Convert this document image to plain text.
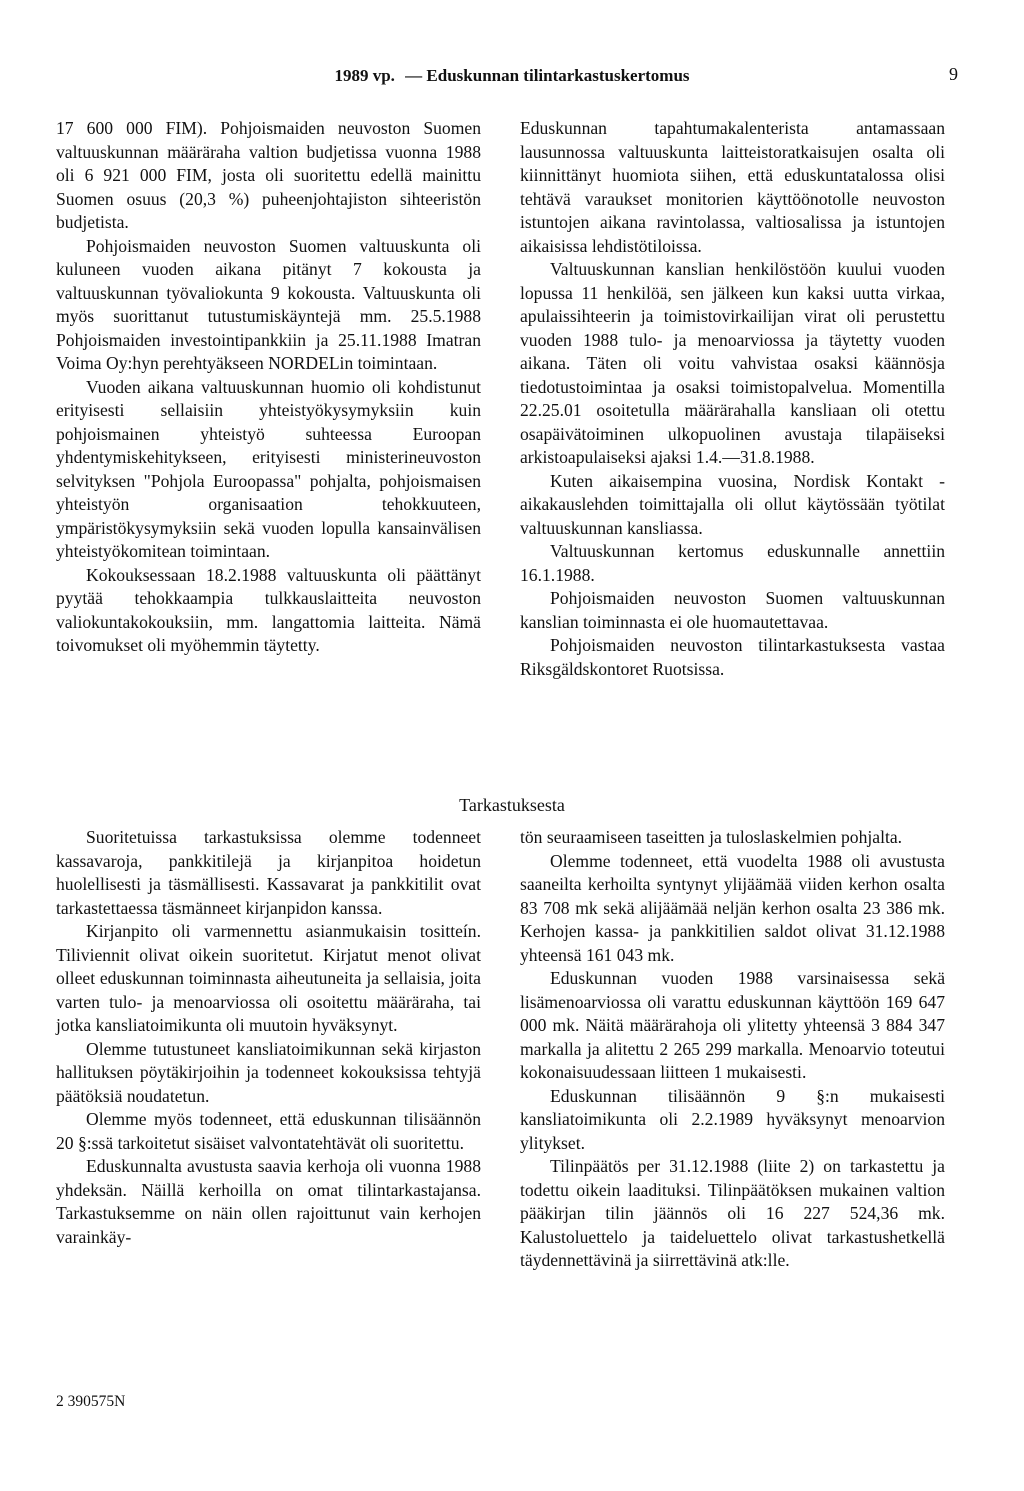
1989 vp. — Eduskunnan tilintarkastuskertomus	9

17 600 000 FIM). Pohjoismaiden neuvoston Suomen valtuuskunnan määräraha valtion budjetissa vuonna 1988 oli 6 921 000 FIM, josta oli suoritettu edellä mainittu Suomen osuus (20,3 %) puheenjohtajiston sihteeristön budjetista.

Pohjoismaiden neuvoston Suomen valtuuskunta oli kuluneen vuoden aikana pitänyt 7 kokousta ja valtuuskunnan työvaliokunta 9 kokousta. Valtuuskunta oli myös suorittanut tutustumiskäyntejä mm. 25.5.1988 Pohjoismaiden investointipankkiin ja 25.11.1988 Imatran Voima Oy:hyn perehtyäkseen NORDELin toimintaan.

Vuoden aikana valtuuskunnan huomio oli kohdistunut erityisesti sellaisiin yhteistyökysymyksiin kuin pohjoismainen yhteistyö suhteessa Euroopan yhdentymiskehitykseen, erityisesti ministerineuvoston selvityksen "Pohjola Euroopassa" pohjalta, pohjoismaisen yhteistyön organisaation tehokkuuteen, ympäristökysymyksiin sekä vuoden lopulla kansainvälisen yhteistyökomitean toimintaan.

Kokouksessaan 18.2.1988 valtuuskunta oli päättänyt pyytää tehokkaampia tulkkauslaitteita neuvoston valiokuntakokouksiin, mm. langattomia laitteita. Nämä toivomukset oli myöhemmin täytetty.

Eduskunnan tapahtumakalenterista antamassaan lausunnossa valtuuskunta laitteistoratkaisujen osalta oli kiinnittänyt huomiota siihen, että eduskuntatalossa olisi tehtävä varaukset monitorien käyttöönotolle neuvoston istuntojen aikana ravintolassa, valtiosalissa ja istuntojen aikaisissa lehdistötiloissa.

Valtuuskunnan kanslian henkilöstöön kuului vuoden lopussa 11 henkilöä, sen jälkeen kun kaksi uutta virkaa, apulaissihteerin ja toimistovirkailijan virat oli perustettu vuoden 1988 tulo- ja menoarviossa ja täytetty vuoden aikana. Täten oli voitu vahvistaa osaksi käännösja tiedotustoimintaa ja osaksi toimistopalvelua. Momentilla 22.25.01 osoitetulla määrärahalla kansliaan oli otettu osapäivätoiminen ulkopuolinen avustaja tilapäiseksi arkistoapulaiseksi ajaksi 1.4.—31.8.1988.

Kuten aikaisempina vuosina, Nordisk Kontakt -aikakauslehden toimittajalla oli ollut käytössään työtilat valtuuskunnan kansliassa.

Valtuuskunnan kertomus eduskunnalle annettiin 16.1.1988.

Pohjoismaiden neuvoston Suomen valtuuskunnan kanslian toiminnasta ei ole huomautettavaa.

Pohjoismaiden neuvoston tilintarkastuksesta vastaa Riksgäldskontoret Ruotsissa.

Tarkastuksesta

Suoritetuissa tarkastuksissa olemme todenneet kassavaroja, pankkitilejä ja kirjanpitoa hoidetun huolellisesti ja täsmällisesti. Kassavarat ja pankkitilit ovat tarkastettaessa täsmänneet kirjanpidon kanssa.

Kirjanpito oli varmennettu asianmukaisin tositteín. Tiliviennit olivat oikein suoritetut. Kirjatut menot olivat olleet eduskunnan toiminnasta aiheutuneita ja sellaisia, joita varten tulo- ja menoarviossa oli osoitettu määräraha, tai jotka kansliatoimikunta oli muutoin hyväksynyt.

Olemme tutustuneet kansliatoimikunnan sekä kirjaston hallituksen pöytäkirjoihin ja todenneet kokouksissa tehtyjä päätöksiä noudatetun.

Olemme myös todenneet, että eduskunnan tilisäännön 20 §:ssä tarkoitetut sisäiset valvontatehtävät oli suoritettu.

Eduskunnalta avustusta saavia kerhoja oli vuonna 1988 yhdeksän. Näillä kerhoilla on omat tilintarkastajansa. Tarkastuksemme on näin ollen rajoittunut vain kerhojen varainkäy-

tön seuraamiseen taseitten ja tuloslaskelmien pohjalta.

Olemme todenneet, että vuodelta 1988 oli avustusta saaneilta kerhoilta syntynyt ylijäämää viiden kerhon osalta 83 708 mk sekä alijäämää neljän kerhon osalta 23 386 mk. Kerhojen kassa- ja pankkitilien saldot olivat 31.12.1988 yhteensä 161 043 mk.

Eduskunnan vuoden 1988 varsinaisessa sekä lisämenoarviossa oli varattu eduskunnan käyttöön 169 647 000 mk. Näitä määrärahoja oli ylitetty yhteensä 3 884 347 markalla ja alitettu 2 265 299 markalla. Menoarvio toteutui kokonaisuudessaan liitteen 1 mukaisesti.

Eduskunnan tilisäännön 9 §:n mukaisesti kansliatoimikunta oli 2.2.1989 hyväksynyt menoarvion ylitykset.

Tilinpäätös per 31.12.1988 (liite 2) on tarkastettu ja todettu oikein laadituksi. Tilinpäätöksen mukainen valtion pääkirjan tilin jäännös oli 16 227 524,36 mk. Kalustoluettelo ja taideluettelo olivat tarkastushetkellä täydennettävinä ja siirrettävinä atk:lle.

2 390575N
